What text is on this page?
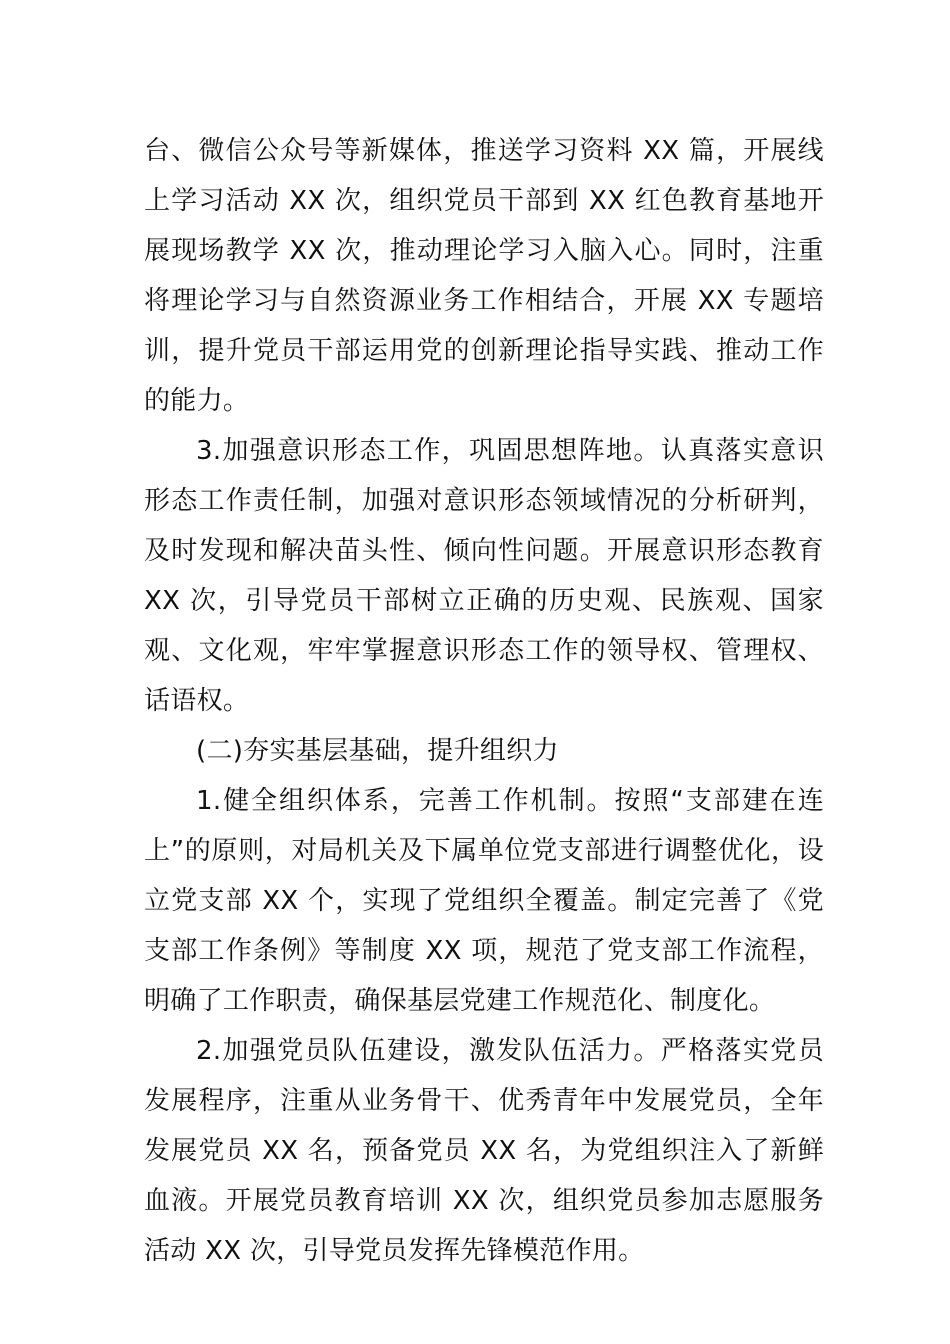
台、微信公众号等新媒体，推送学习资料 XX 篇，开展线上学习活动 XX 次，组织党员干部到 XX 红色教育基地开展现场教学 XX 次，推动理论学习入脑入心。同时，注重将理论学习与自然资源业务工作相结合，开展 XX 专题培训，提升党员干部运用党的创新理论指导实践、推动工作的能力。

3.加强意识形态工作，巩固思想阵地。认真落实意识形态工作责任制，加强对意识形态领域情况的分析研判，及时发现和解决苗头性、倾向性问题。开展意识形态教育 XX 次，引导党员干部树立正确的历史观、民族观、国家观、文化观，牢牢掌握意识形态工作的领导权、管理权、话语权。

(二)夯实基层基础，提升组织力

1.健全组织体系，完善工作机制。按照“支部建在连上”的原则，对局机关及下属单位党支部进行调整优化，设立党支部 XX 个，实现了党组织全覆盖。制定完善了《党支部工作条例》等制度 XX 项，规范了党支部工作流程，明确了工作职责，确保基层党建工作规范化、制度化。

2.加强党员队伍建设，激发队伍活力。严格落实党员发展程序，注重从业务骨干、优秀青年中发展党员，全年发展党员 XX 名，预备党员 XX 名，为党组织注入了新鲜血液。开展党员教育培训 XX 次，组织党员参加志愿服务活动 XX 次，引导党员发挥先锋模范作用。
